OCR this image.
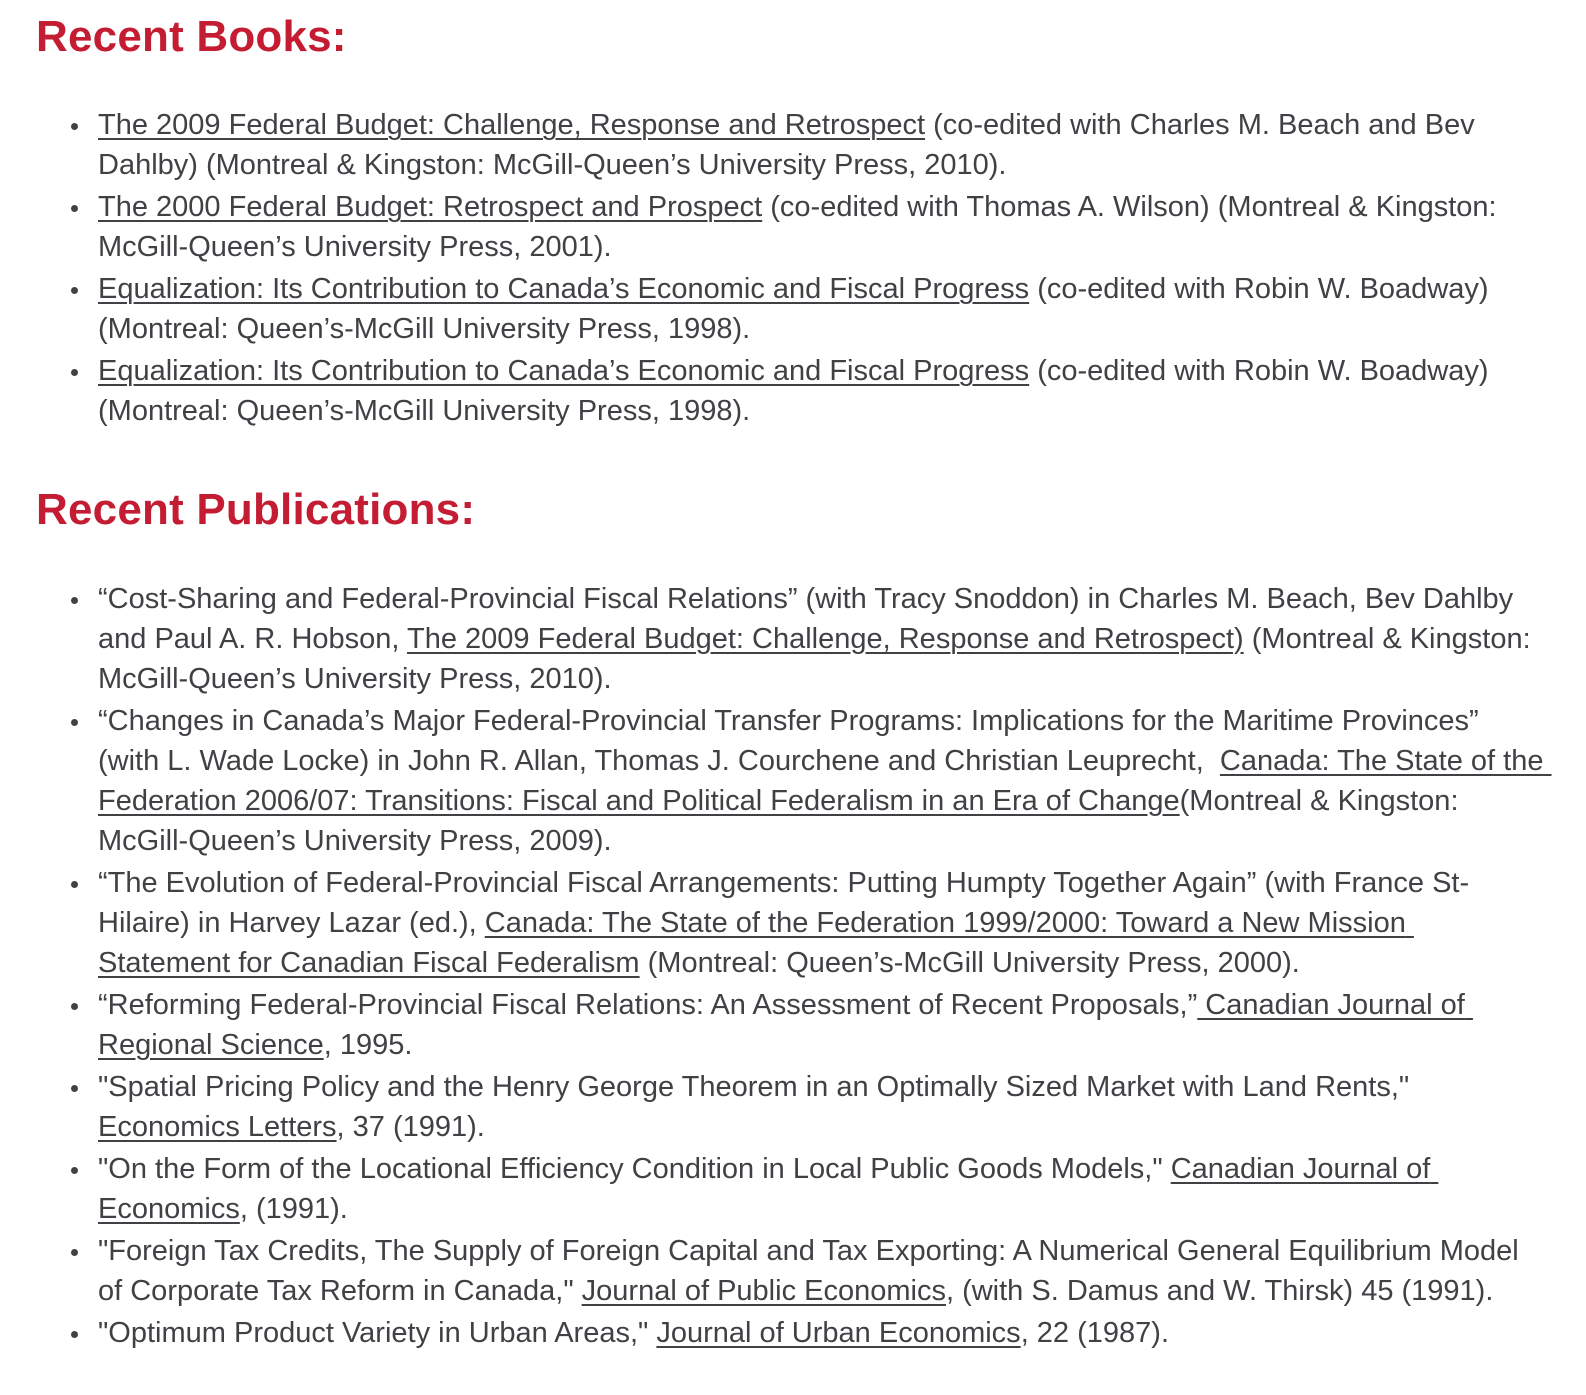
Recent Books:
• The 2009 Federal Budget: Challenge, Response and Retrospect (co-edited with Charles M. Beach and Bev Dahlby) (Montreal & Kingston: McGill-Queen’s University Press, 2010).
• The 2000 Federal Budget: Retrospect and Prospect (co-edited with Thomas A. Wilson) (Montreal & Kingston: McGill-Queen’s University Press, 2001).
• Equalization: Its Contribution to Canada’s Economic and Fiscal Progress (co-edited with Robin W. Boadway) (Montreal: Queen’s-McGill University Press, 1998).
• Equalization: Its Contribution to Canada’s Economic and Fiscal Progress (co-edited with Robin W. Boadway) (Montreal: Queen’s-McGill University Press, 1998).
Recent Publications:
• “Cost-Sharing and Federal-Provincial Fiscal Relations” (with Tracy Snoddon) in Charles M. Beach, Bev Dahlby and Paul A. R. Hobson, The 2009 Federal Budget: Challenge, Response and Retrospect) (Montreal & Kingston: McGill-Queen’s University Press, 2010).
• “Changes in Canada’s Major Federal-Provincial Transfer Programs: Implications for the Maritime Provinces” (with L. Wade Locke) in John R. Allan, Thomas J. Courchene and Christian Leuprecht,  Canada: The State of the Federation 2006/07: Transitions: Fiscal and Political Federalism in an Era of Change(Montreal & Kingston: McGill-Queen’s University Press, 2009).
• “The Evolution of Federal-Provincial Fiscal Arrangements: Putting Humpty Together Again” (with France St-Hilaire) in Harvey Lazar (ed.), Canada: The State of the Federation 1999/2000: Toward a New Mission Statement for Canadian Fiscal Federalism (Montreal: Queen’s-McGill University Press, 2000).
• “Reforming Federal-Provincial Fiscal Relations: An Assessment of Recent Proposals,” Canadian Journal of Regional Science, 1995.
• "Spatial Pricing Policy and the Henry George Theorem in an Optimally Sized Market with Land Rents," Economics Letters, 37 (1991).
• "On the Form of the Locational Efficiency Condition in Local Public Goods Models," Canadian Journal of Economics, (1991).
• "Foreign Tax Credits, The Supply of Foreign Capital and Tax Exporting: A Numerical General Equilibrium Model of Corporate Tax Reform in Canada," Journal of Public Economics, (with S. Damus and W. Thirsk) 45 (1991).
• "Optimum Product Variety in Urban Areas," Journal of Urban Economics, 22 (1987).
